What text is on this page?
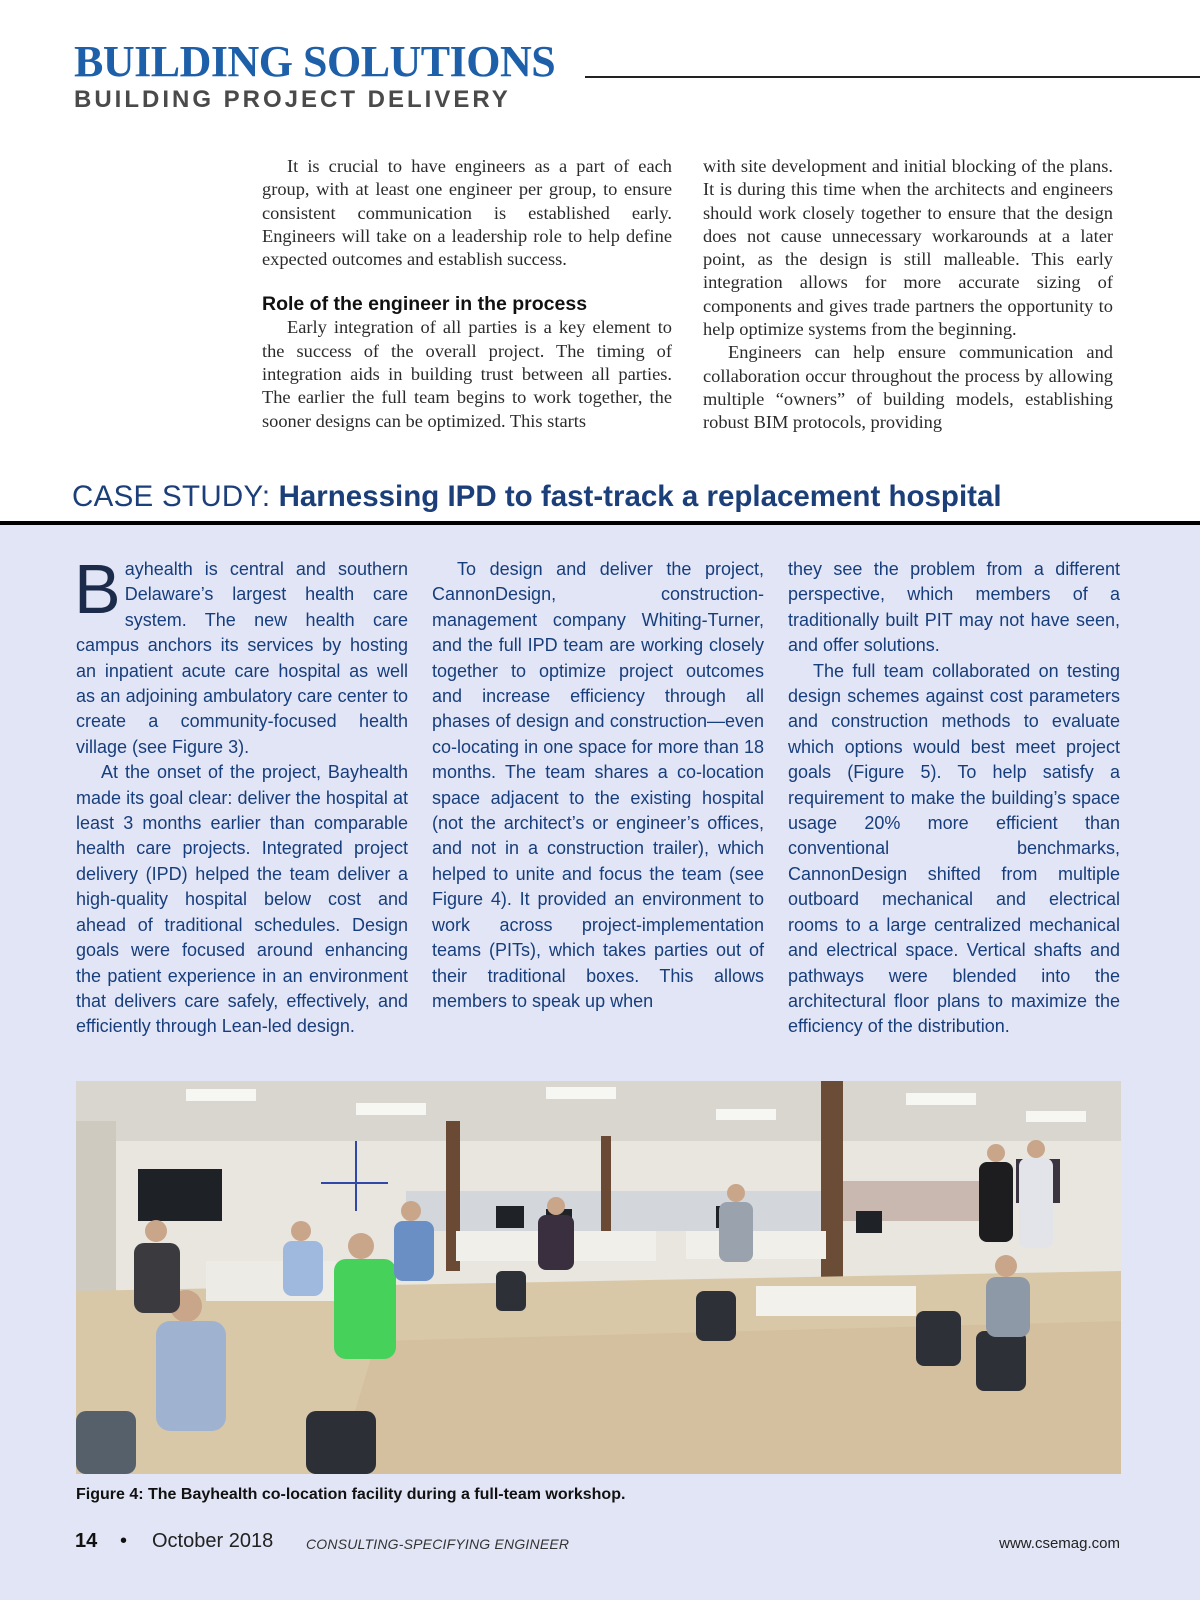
BUILDING SOLUTIONS
BUILDING PROJECT DELIVERY

It is crucial to have engineers as a part of each group, with at least one engineer per group, to ensure consistent communication is established early. Engineers will take on a leadership role to help define expected outcomes and establish success.

Role of the engineer in the process

Early integration of all parties is a key element to the success of the overall project. The timing of integration aids in building trust between all parties. The earlier the full team begins to work together, the sooner designs can be optimized. This starts

with site development and initial blocking of the plans. It is during this time when the architects and engineers should work closely together to ensure that the design does not cause unnecessary workarounds at a later point, as the design is still malleable. This early integration allows for more accurate sizing of components and gives trade partners the opportunity to help optimize systems from the beginning.

Engineers can help ensure communication and collaboration occur throughout the process by allowing multiple “owners” of building models, establishing robust BIM protocols, providing

CASE STUDY: Harnessing IPD to fast-track a replacement hospital

Bayhealth is central and southern Delaware’s largest health care system. The new health care campus anchors its services by hosting an inpatient acute care hospital as well as an adjoining ambulatory care center to create a community-focused health village (see Figure 3).

At the onset of the project, Bayhealth made its goal clear: deliver the hospital at least 3 months earlier than comparable health care projects. Integrated project delivery (IPD) helped the team deliver a high-quality hospital below cost and ahead of traditional schedules. Design goals were focused around enhancing the patient experience in an environment that delivers care safely, effectively, and efficiently through Lean-led design.

To design and deliver the project, CannonDesign, construction-management company Whiting-Turner, and the full IPD team are working closely together to optimize project outcomes and increase efficiency through all phases of design and construction—even co-locating in one space for more than 18 months. The team shares a co-location space adjacent to the existing hospital (not the architect’s or engineer’s offices, and not in a construction trailer), which helped to unite and focus the team (see Figure 4). It provided an environment to work across project-implementation teams (PITs), which takes parties out of their traditional boxes. This allows members to speak up when

they see the problem from a different perspective, which members of a traditionally built PIT may not have seen, and offer solutions.

The full team collaborated on testing design schemes against cost parameters and construction methods to evaluate which options would best meet project goals (Figure 5). To help satisfy a requirement to make the building’s space usage 20% more efficient than conventional benchmarks, CannonDesign shifted from multiple outboard mechanical and electrical rooms to a large centralized mechanical and electrical space. Vertical shafts and pathways were blended into the architectural floor plans to maximize the efficiency of the distribution.

Figure 4: The Bayhealth co-location facility during a full-team workshop.

14 • October 2018 CONSULTING-SPECIFYING ENGINEER	www.csemag.com
